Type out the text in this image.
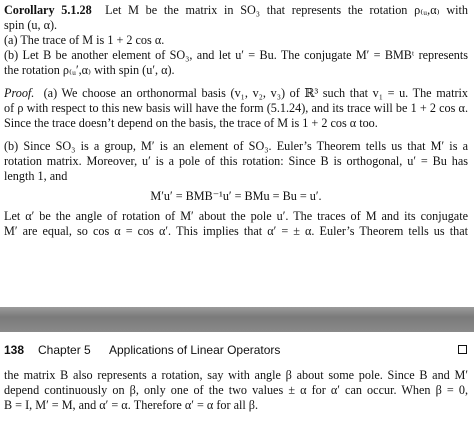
Corollary 5.1.28 Let M be the matrix in SO₃ that represents the rotation ρ₍ᵤ,α₎ with
spin (u, α).
(a) The trace of M is 1 + 2 cos α.
(b) Let B be another element of SO₃, and let u′ = Bu. The conjugate M′ = BMBᵗ represents
the rotation ρ₍ᵤ′,α₎ with spin (u′, α).
Proof. (a) We choose an orthonormal basis (v₁, v₂, v₃) of ℝ³ such that v₁ = u. The matrix
of ρ with respect to this new basis will have the form (5.1.24), and its trace will be 1 + 2 cos α.
Since the trace doesn’t depend on the basis, the trace of M is 1 + 2 cos α too.
(b) Since SO₃ is a group, M′ is an element of SO₃. Euler’s Theorem tells us that M′ is a
rotation matrix. Moreover, u′ is a pole of this rotation: Since B is orthogonal, u′ = Bu has
length 1, and
M′u′ = BMB⁻¹u′ = BMu = Bu = u′.
Let α′ be the angle of rotation of M′ about the pole u′. The traces of M and its conjugate
M′ are equal, so cos α = cos α′. This implies that α′ = ± α. Euler’s Theorem tells us that
138 Chapter 5 Applications of Linear Operators
the matrix B also represents a rotation, say with angle β about some pole. Since B and M′
depend continuously on β, only one of the two values ± α for α′ can occur. When β = 0,
B = I, M′ = M, and α′ = α. Therefore α′ = α for all β.
